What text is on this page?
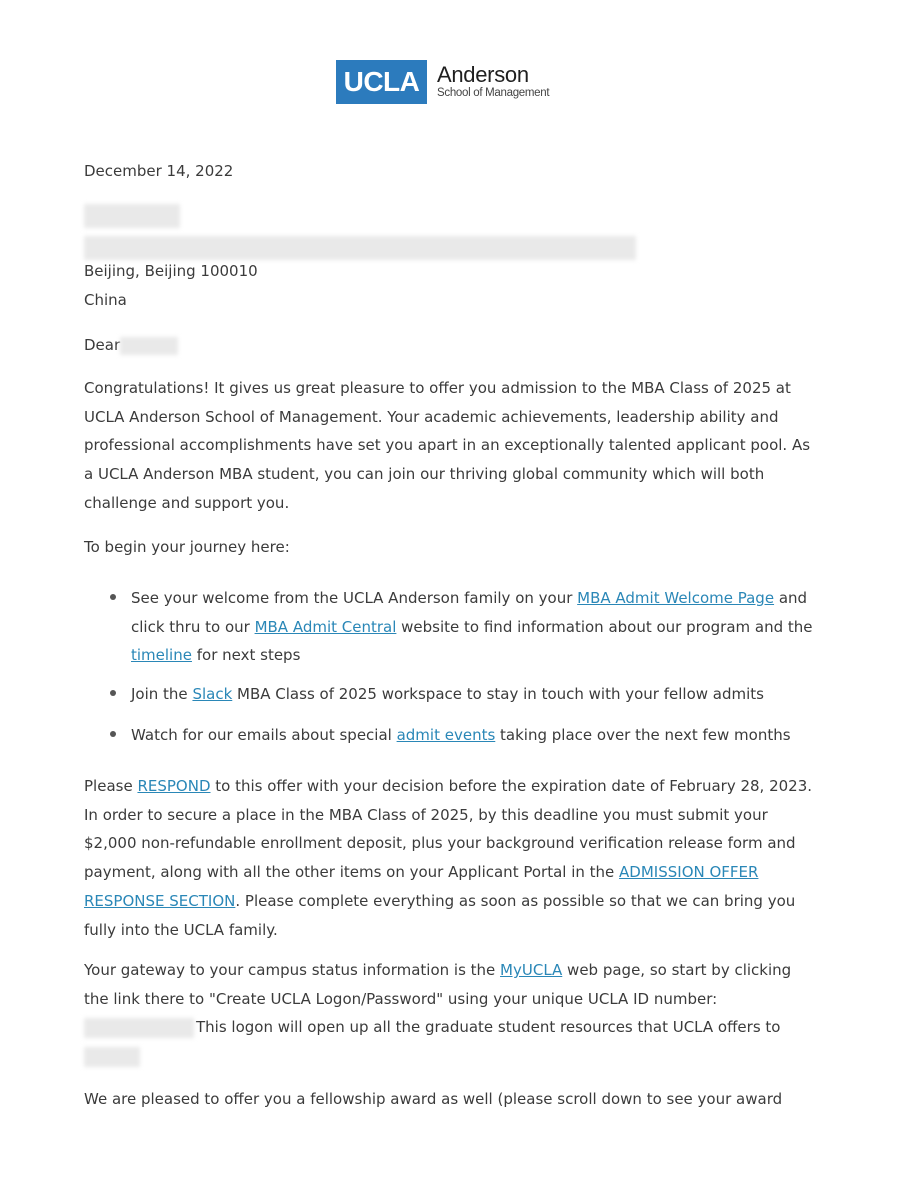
UCLA Anderson
School of Management
December 14, 2022
Beijing, Beijing 100010
China
Dear
Congratulations! It gives us great pleasure to offer you admission to the MBA Class of 2025 at UCLA Anderson School of Management. Your academic achievements, leadership ability and professional accomplishments have set you apart in an exceptionally talented applicant pool. As a UCLA Anderson MBA student, you can join our thriving global community which will both challenge and support you.
To begin your journey here:
See your welcome from the UCLA Anderson family on your MBA Admit Welcome Page and click thru to our MBA Admit Central website to find information about our program and the timeline for next steps
Join the Slack MBA Class of 2025 workspace to stay in touch with your fellow admits
Watch for our emails about special admit events taking place over the next few months
Please RESPOND to this offer with your decision before the expiration date of February 28, 2023. In order to secure a place in the MBA Class of 2025, by this deadline you must submit your $2,000 non-refundable enrollment deposit, plus your background verification release form and payment, along with all the other items on your Applicant Portal in the ADMISSION OFFER RESPONSE SECTION. Please complete everything as soon as possible so that we can bring you fully into the UCLA family.
Your gateway to your campus status information is the MyUCLA web page, so start by clicking the link there to "Create UCLA Logon/Password" using your unique UCLA ID number:
This logon will open up all the graduate student resources that UCLA offers to

We are pleased to offer you a fellowship award as well (please scroll down to see your award
